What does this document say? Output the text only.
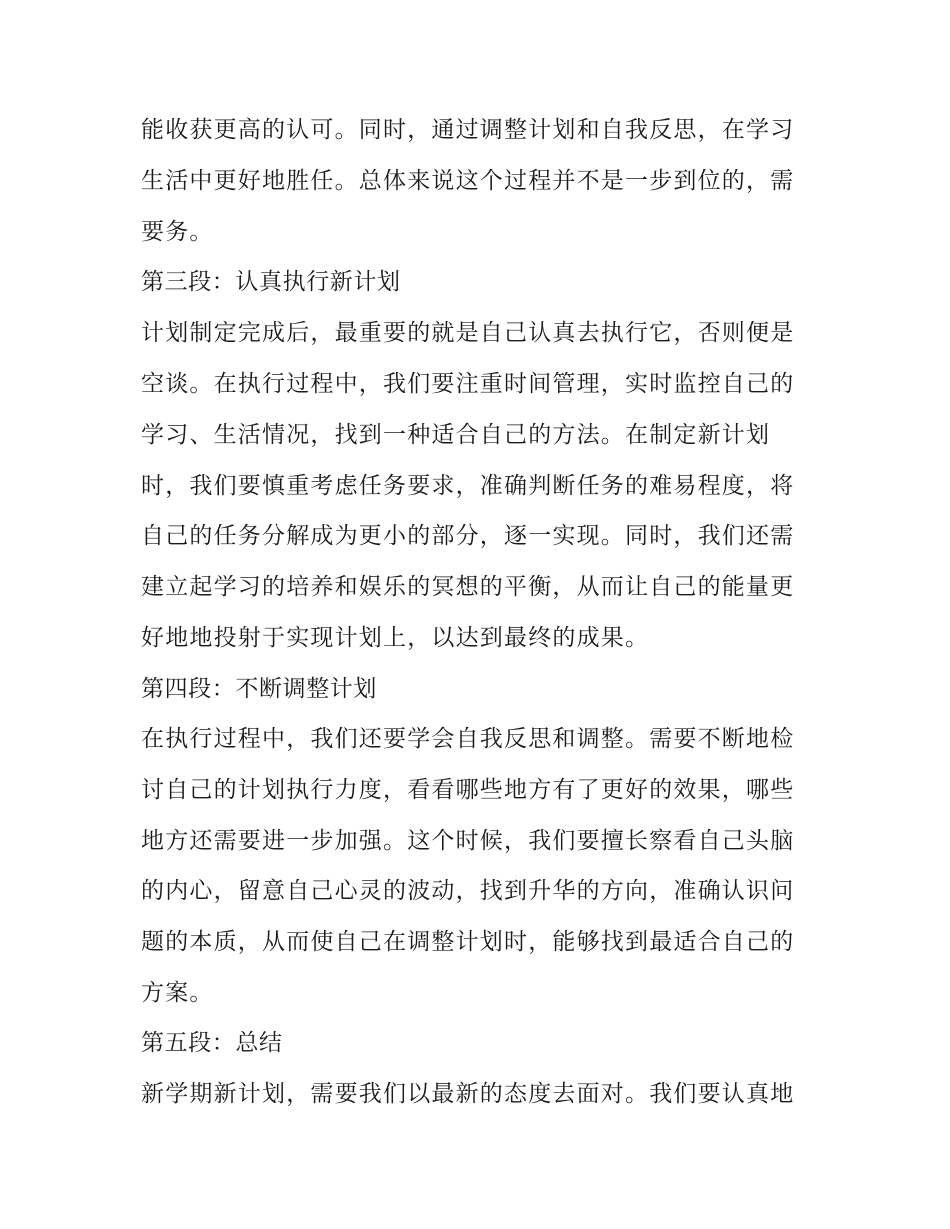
能收获更高的认可。同时，通过调整计划和自我反思，在学习
生活中更好地胜任。总体来说这个过程并不是一步到位的，需
要务。
第三段：认真执行新计划
计划制定完成后，最重要的就是自己认真去执行它，否则便是
空谈。在执行过程中，我们要注重时间管理，实时监控自己的
学习、生活情况，找到一种适合自己的方法。在制定新计划
时，我们要慎重考虑任务要求，准确判断任务的难易程度，将
自己的任务分解成为更小的部分，逐一实现。同时，我们还需
建立起学习的培养和娱乐的冥想的平衡，从而让自己的能量更
好地地投射于实现计划上，以达到最终的成果。
第四段：不断调整计划
在执行过程中，我们还要学会自我反思和调整。需要不断地检
讨自己的计划执行力度，看看哪些地方有了更好的效果，哪些
地方还需要进一步加强。这个时候，我们要擅长察看自己头脑
的内心，留意自己心灵的波动，找到升华的方向，准确认识问
题的本质，从而使自己在调整计划时，能够找到最适合自己的
方案。
第五段：总结
新学期新计划，需要我们以最新的态度去面对。我们要认真地
